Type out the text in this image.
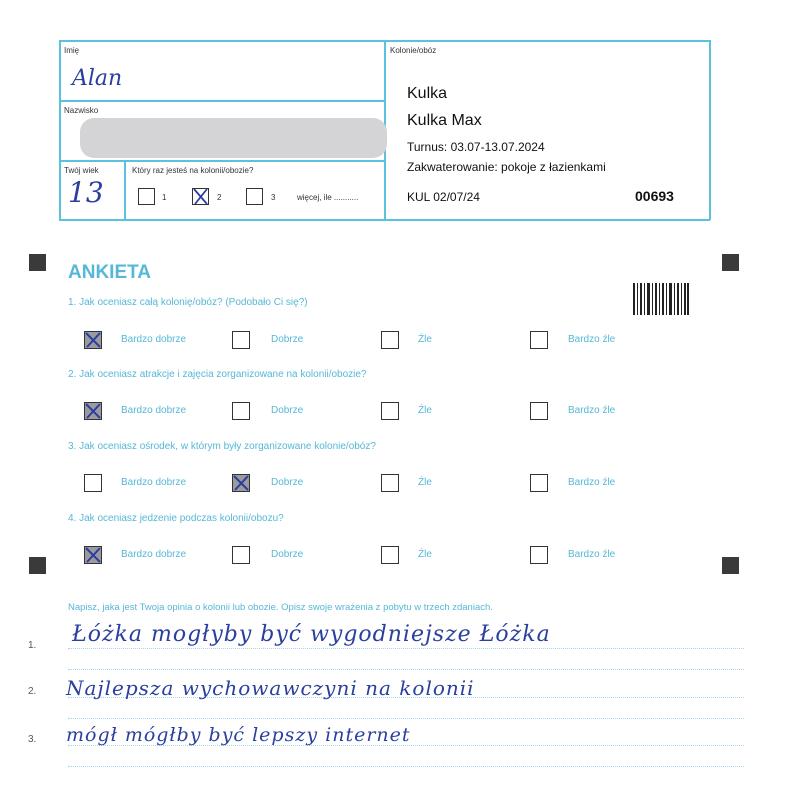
Imię
Alan
Nazwisko
Twój wiek
13
Który raz jesteś na kolonii/obozie?
1	2	3	więcej, ile ...........
Kolonie/obóz
Kulka
Kulka Max
Turnus: 03.07-13.07.2024
Zakwaterowanie: pokoje z łazienkami
KUL 02/07/24	00693
ANKIETA
1. Jak oceniasz całą kolonię/obóz? (Podobało Ci się?)
Bardzo dobrze	Dobrze	Źle	Bardzo źle
2. Jak oceniasz atrakcje i zajęcia zorganizowane na kolonii/obozie?
Bardzo dobrze	Dobrze	Źle	Bardzo źle
3. Jak oceniasz ośrodek, w którym były zorganizowane kolonie/obóz?
Bardzo dobrze	Dobrze	Źle	Bardzo źle
4. Jak oceniasz jedzenie podczas kolonii/obozu?
Bardzo dobrze	Dobrze	Źle	Bardzo źle
Napisz, jaka jest Twoja opinia o kolonii lub obozie. Opisz swoje wrażenia z pobytu w trzech zdaniach.
1. Łóżka mogłyby być wygodniejsze Łóżka
2. Najlepsza wychowawczyni na kolonii
3. mógł mógłby być lepszy internet
